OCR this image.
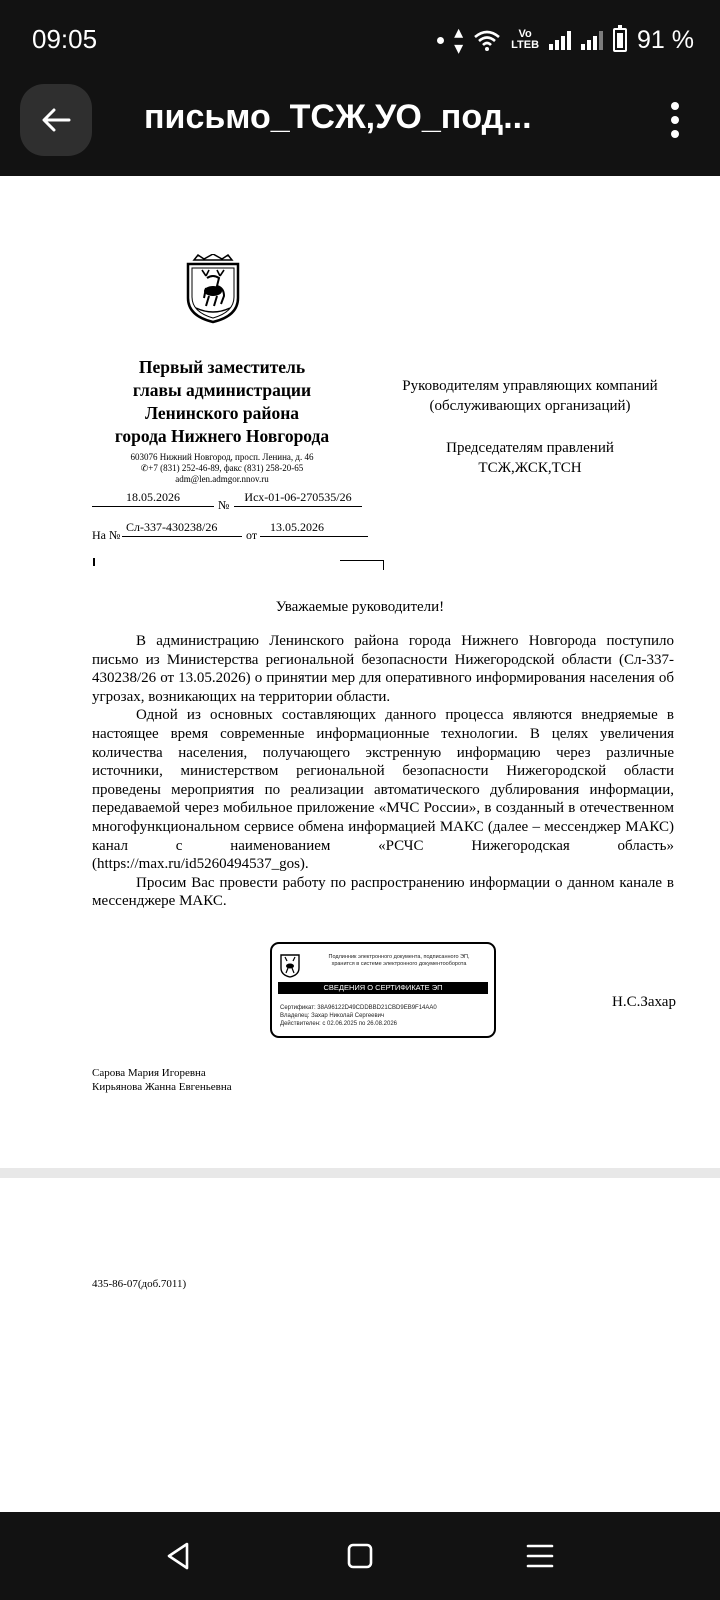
09:05	▴
▾
Vo
LTEB	91 %
письмо_ТСЖ,УО_под...
Первый заместитель
главы администрации
Ленинского района
города Нижнего Новгорода
603076 Нижний Новгород, просп. Ленина, д. 46
✆+7 (831) 252-46-89, факс (831) 258-20-65
adm@len.admgor.nnov.ru
18.05.2026
№
Исх-01-06-270535/26
На №
Сл-337-430238/26
от
13.05.2026
Руководителям управляющих компаний
(обслуживающих организаций)
Председателям правлений
ТСЖ,ЖСК,ТСН
Уважаемые руководители!

В администрацию Ленинского района города Нижнего Новгорода поступило письмо из Министерства региональной безопасности Нижегородской области (Сл-337-430238/26 от 13.05.2026) о принятии мер для оперативного информирования населения об угрозах, возникающих на территории области.

Одной из основных составляющих данного процесса являются внедряемые в настоящее время современные информационные технологии. В целях увеличения количества населения, получающего экстренную информацию через различные источники, министерством региональной безопасности Нижегородской области проведены мероприятия по реализации автоматического дублирования информации, передаваемой через мобильное приложение «МЧС России», в созданный в отечественном многофункциональном сервисе обмена информацией МАКС (далее – мессенджер МАКС) канал с наименованием «РСЧС Нижегородская область» (https://max.ru/id5260494537_gos).

Просим Вас провести работу по распространению информации о данном канале в мессенджере МАКС.

Подлинник электронного документа, подписанного ЭП,
хранится в системе электронного документооборота
СВЕДЕНИЯ О СЕРТИФИКАТЕ ЭП
Сертификат: 38A96122D49CDDBBD21CBD9EB9F14AA0
Владелец: Захар Николай Сергеевич
Действителен: с 02.06.2025 по 26.08.2026
Н.С.Захар
Сарова Мария Игоревна
Кирьянова Жанна Евгеньевна
435-86-07(доб.7011)
